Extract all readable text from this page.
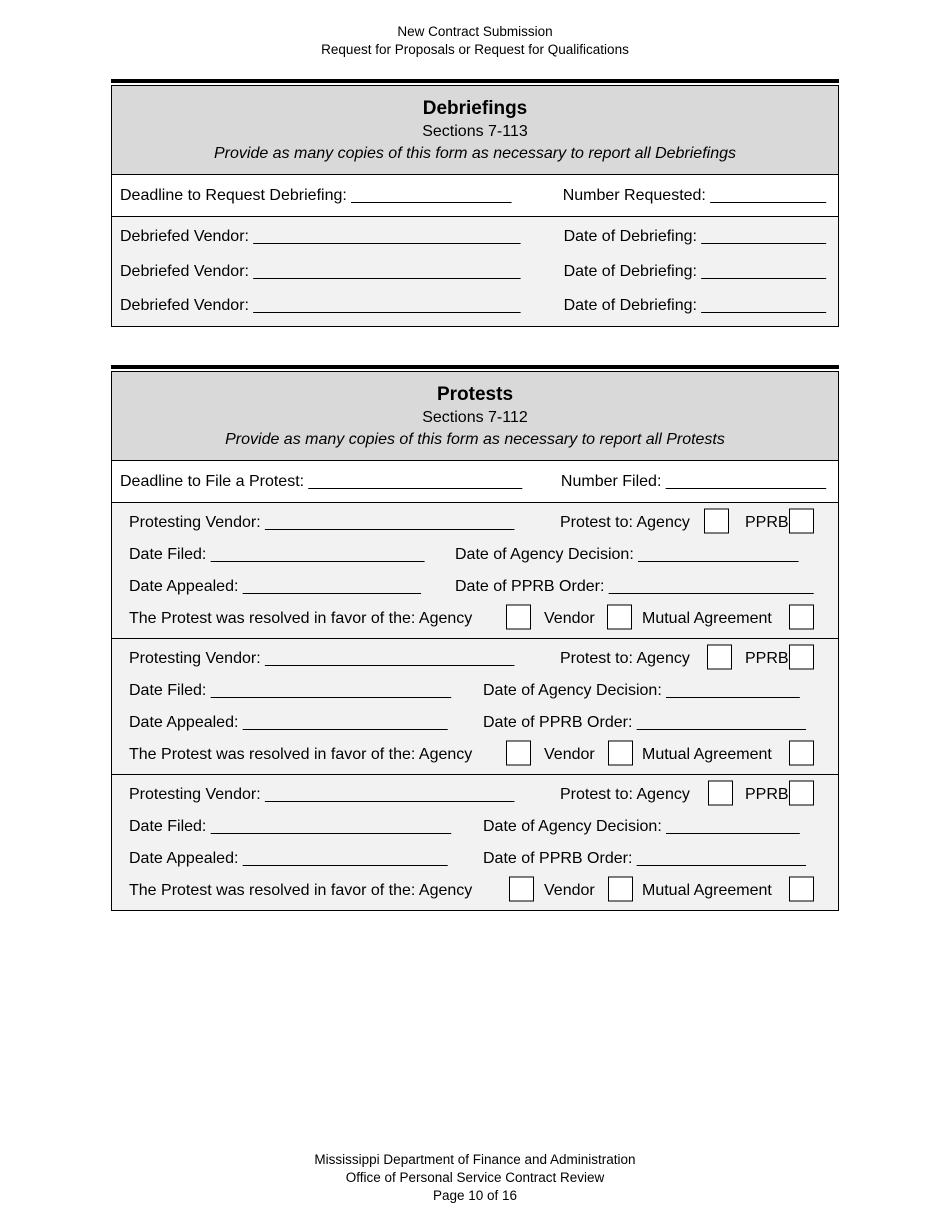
New Contract Submission
Request for Proposals or Request for Qualifications
Debriefings
Sections 7-113
Provide as many copies of this form as necessary to report all Debriefings
Deadline to Request Debriefing: __________________	Number Requested: _____________
Debriefed Vendor: ______________________________	Date of Debriefing: ______________
Debriefed Vendor: ______________________________	Date of Debriefing: ______________
Debriefed Vendor: ______________________________	Date of Debriefing: ______________
Protests
Sections 7-112
Provide as many copies of this form as necessary to report all Protests
Deadline to File a Protest: ________________________ Number Filed: __________________
Protesting Vendor: ____________________________	Protest to: Agency	PPRB
Date Filed: ________________________ Date of Agency Decision: __________________
Date Appealed: ____________________ Date of PPRB Order: _______________________
The Protest was resolved in favor of the: Agency	Vendor	Mutual Agreement
Protesting Vendor: ____________________________	Protest to: Agency	PPRB
Date Filed: ___________________________ Date of Agency Decision: _______________
Date Appealed: _______________________ Date of PPRB Order: ___________________
The Protest was resolved in favor of the: Agency	Vendor	Mutual Agreement
Protesting Vendor: ____________________________	Protest to: Agency	PPRB
Date Filed: ___________________________ Date of Agency Decision: _______________
Date Appealed: _______________________ Date of PPRB Order: ___________________
The Protest was resolved in favor of the: Agency	Vendor	Mutual Agreement
Mississippi Department of Finance and Administration
Office of Personal Service Contract Review
Page 10 of 16
